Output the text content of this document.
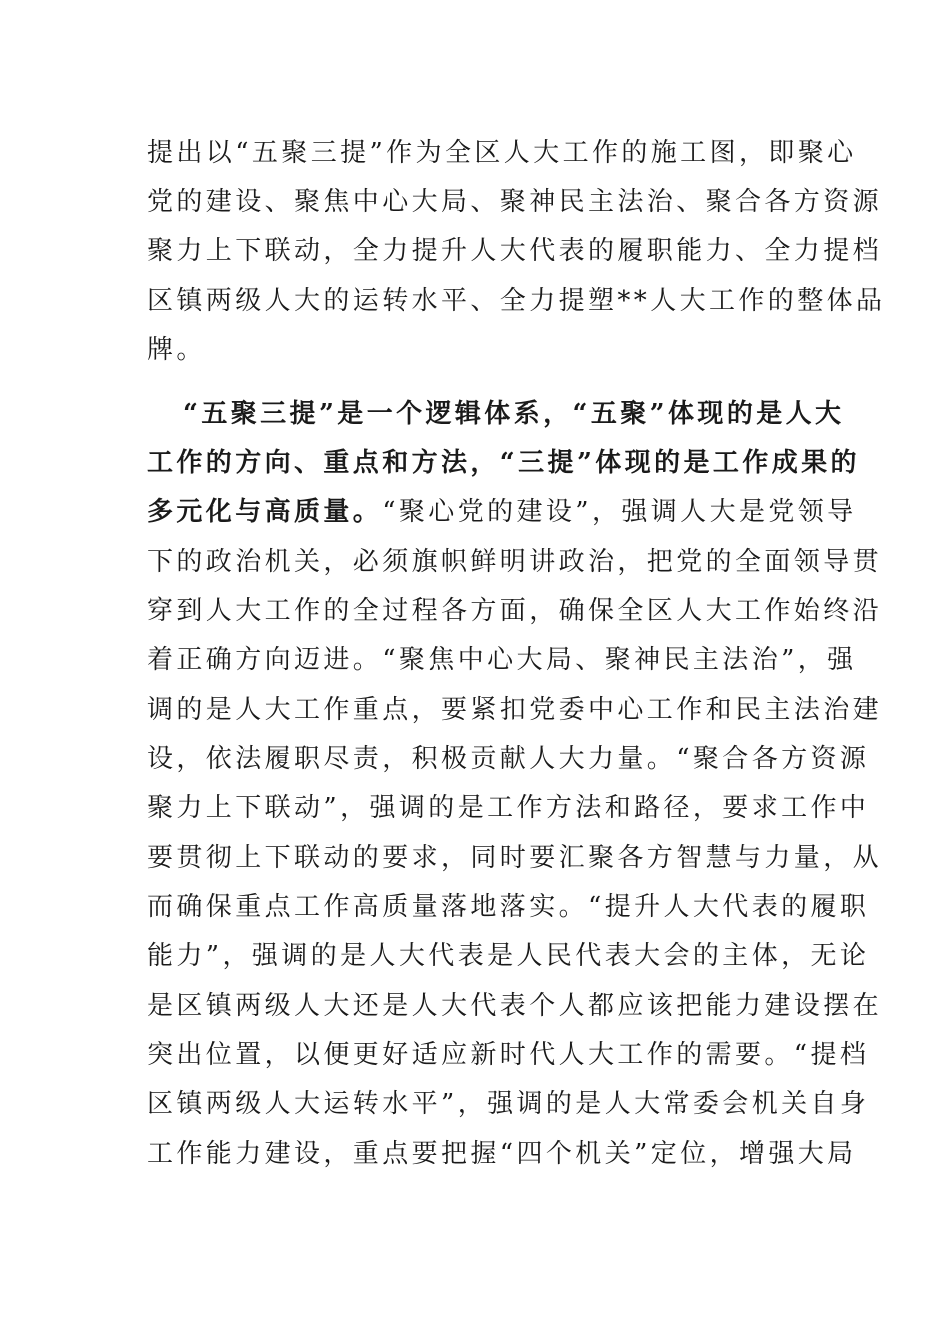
提出以“五聚三提”作为全区人大工作的施工图，即聚心
党的建设、聚焦中心大局、聚神民主法治、聚合各方资源
聚力上下联动，全力提升人大代表的履职能力、全力提档
区镇两级人大的运转水平、全力提塑**人大工作的整体品
牌。
“五聚三提”是一个逻辑体系，“五聚”体现的是人大
工作的方向、重点和方法，“三提”体现的是工作成果的
多元化与高质量。“聚心党的建设”，强调人大是党领导
下的政治机关，必须旗帜鲜明讲政治，把党的全面领导贯
穿到人大工作的全过程各方面，确保全区人大工作始终沿
着正确方向迈进。“聚焦中心大局、聚神民主法治”，强
调的是人大工作重点，要紧扣党委中心工作和民主法治建
设，依法履职尽责，积极贡献人大力量。“聚合各方资源
聚力上下联动”，强调的是工作方法和路径，要求工作中
要贯彻上下联动的要求，同时要汇聚各方智慧与力量，从
而确保重点工作高质量落地落实。“提升人大代表的履职
能力”，强调的是人大代表是人民代表大会的主体，无论
是区镇两级人大还是人大代表个人都应该把能力建设摆在
突出位置，以便更好适应新时代人大工作的需要。“提档
区镇两级人大运转水平”，强调的是人大常委会机关自身
工作能力建设，重点要把握“四个机关”定位，增强大局
